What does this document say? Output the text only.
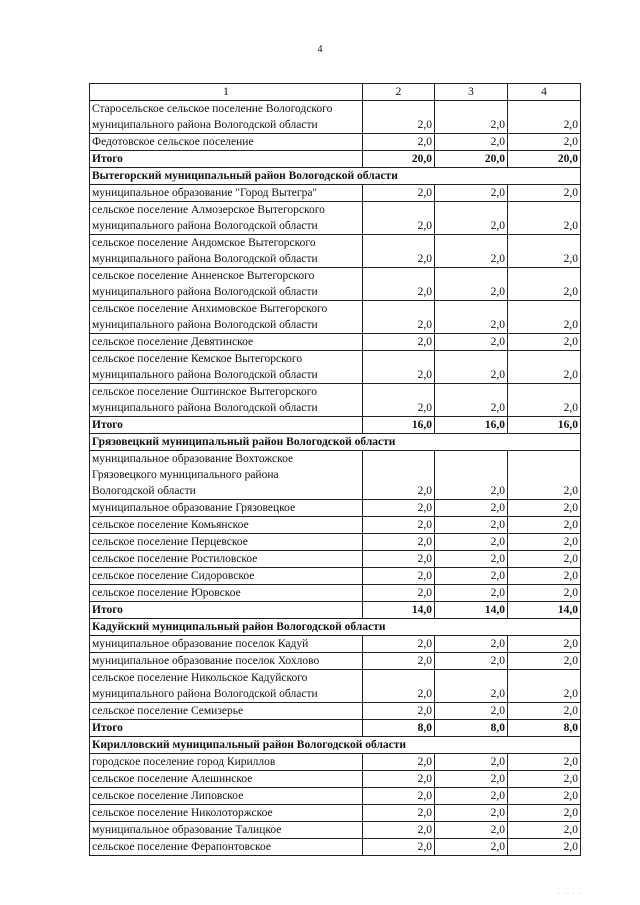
4
1	2	3	4
Старосельское сельское поселение Вологодского
муниципального района Вологодской области	2,0	2,0	2,0
Федотовское сельское поселение	2,0	2,0	2,0
Итого	20,0	20,0	20,0
Вытегорский муниципальный район Вологодской области			
муниципальное образование "Город Вытегра"	2,0	2,0	2,0
сельское поселение Алмозерское Вытегорского
муниципального района Вологодской области	2,0	2,0	2,0
сельское поселение Андомское Вытегорского
муниципального района Вологодской области	2,0	2,0	2,0
сельское поселение Анненское Вытегорского
муниципального района Вологодской области	2,0	2,0	2,0
сельское поселение Анхимовское Вытегорского
муниципального района Вологодской области	2,0	2,0	2,0
сельское поселение Девятинское	2,0	2,0	2,0
сельское поселение Кемское Вытегорского
муниципального района Вологодской области	2,0	2,0	2,0
сельское поселение Оштинское Вытегорского
муниципального района Вологодской области	2,0	2,0	2,0
Итого	16,0	16,0	16,0
Грязовецкий муниципальный район Вологодской области			
муниципальное образование Вохтожское
Грязовецкого муниципального района
Вологодской области	2,0	2,0	2,0
муниципальное образование Грязовецкое	2,0	2,0	2,0
сельское поселение Комьянское	2,0	2,0	2,0
сельское поселение Перцевское	2,0	2,0	2,0
сельское поселение Ростиловское	2,0	2,0	2,0
сельское поселение Сидоровское	2,0	2,0	2,0
сельское поселение Юровское	2,0	2,0	2,0
Итого	14,0	14,0	14,0
Кадуйский муниципальный район Вологодской области			
муниципальное образование поселок Кадуй	2,0	2,0	2,0
муниципальное образование поселок Хохлово	2,0	2,0	2,0
сельское поселение Никольское Кадуйского
муниципального района Вологодской области	2,0	2,0	2,0
сельское поселение Семизерье	2,0	2,0	2,0
Итого	8,0	8,0	8,0
Кирилловский муниципальный район Вологодской области			
городское поселение город Кириллов	2,0	2,0	2,0
сельское поселение Алешинское	2,0	2,0	2,0
сельское поселение Липовское	2,0	2,0	2,0
сельское поселение Николоторжское	2,0	2,0	2,0
муниципальное образование Талицкое	2,0	2,0	2,0
сельское поселение Ферапонтовское	2,0	2,0	2,0
· · · ·
